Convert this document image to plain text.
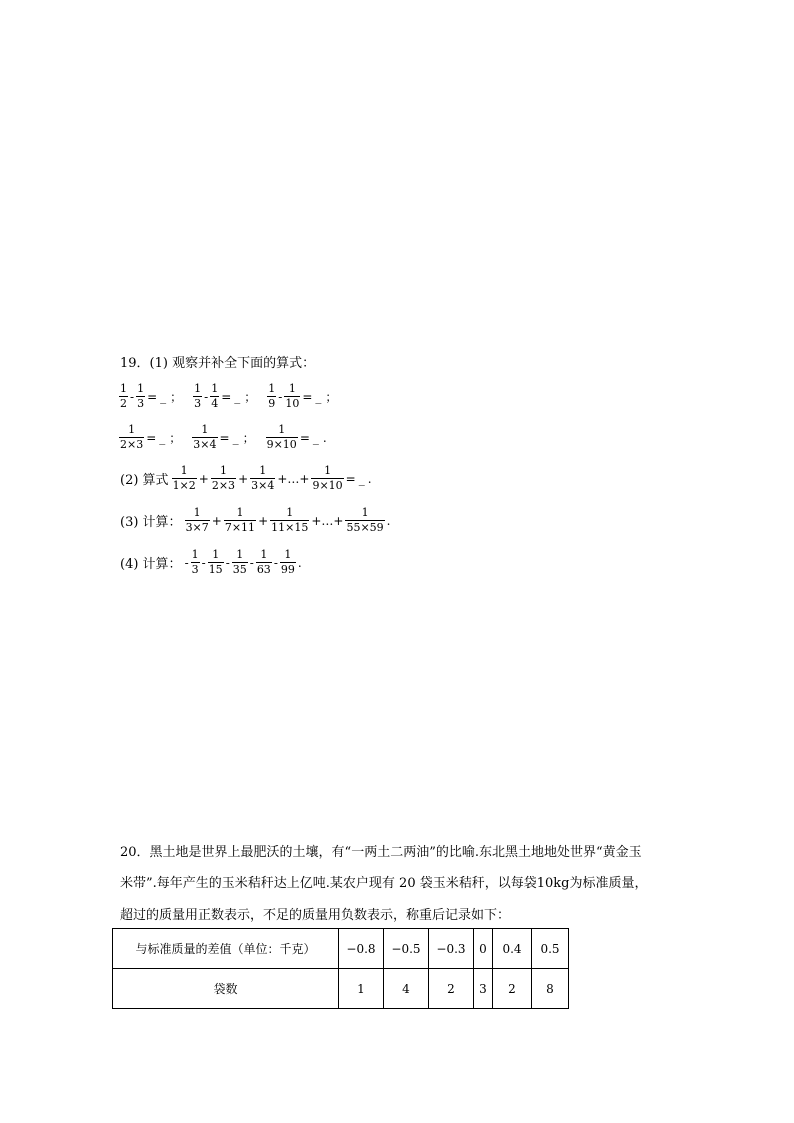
19．(1) 观察并补全下面的算式：
$\frac{1}{2} - \frac{1}{3}$ = _ ； $\frac{1}{3} - \frac{1}{4}$ = _ ； $\frac{1}{9} - \frac{1}{10}$ = _ ；
$\frac{1}{2\times 3}$ = _ ； $\frac{1}{3\times 4}$ = _ ； $\frac{1}{9\times 10}$ = _ .
(2) 算式 $\frac{1}{1\times 2} + \frac{1}{2\times 3} + \frac{1}{3\times 4}$ +…+ $\frac{1}{9\times 10}$ = _ .
(3) 计算： $\frac{1}{3\times 7} + \frac{1}{7\times 11} + \frac{1}{11\times 15}$ +…+ $\frac{1}{55\times 59}$ .
(4) 计算： - $\frac{1}{3} - \frac{1}{15} - \frac{1}{35} - \frac{1}{63} - \frac{1}{99}$ .
20．黑土地是世界上最肥沃的土壤，有“一两土二两油”的比喻.东北黑土地地处世界“黄金玉
米带”.每年产生的玉米秸秆达上亿吨.某农户现有 20 袋玉米秸秆，以每袋10kg为标准质量，
超过的质量用正数表示，不足的质量用负数表示，称重后记录如下：
与标准质量的差值（单位：千克）	−0.8	−0.5	−0.3	0	0.4	0.5
袋数	1	4	2	3	2	8
